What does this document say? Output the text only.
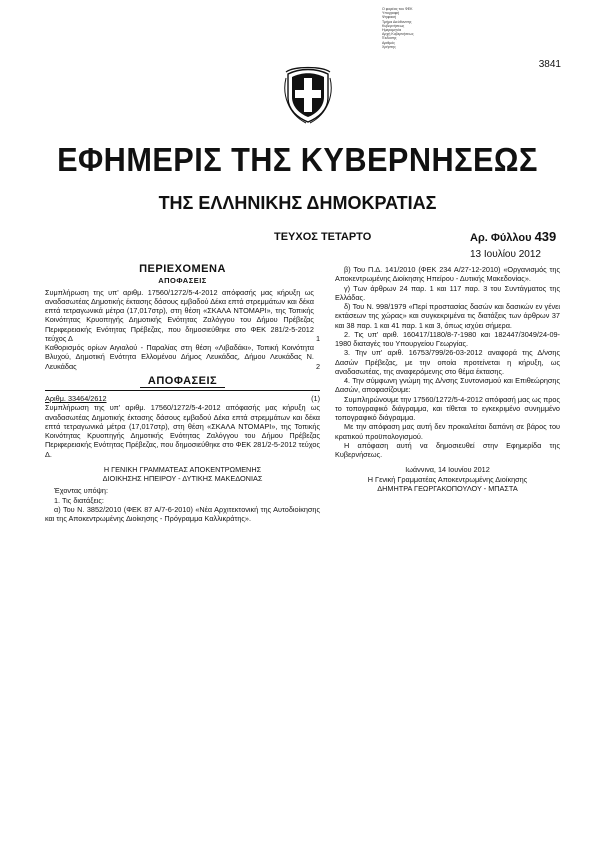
Ο φορέας του ΦΕΚ
Υπογραφή
Ψηφιακή
Τμήμα Διεύθυνσης
Κυβερνήσεως
Ημερομηνία
Αρχή Κυβερνήσεως
Έκδοσης
Αριθμός
Χρήστης
3841
ΕΦΗΜΕΡΙΣ ΤΗΣ ΚΥΒΕΡΝΗΣΕΩΣ
ΤΗΣ ΕΛΛΗΝΙΚΗΣ ΔΗΜΟΚΡΑΤΙΑΣ
ΤΕΥΧΟΣ ΤΕΤΑΡΤΟ	Αρ. Φύλλου 439
13 Ιουλίου 2012
ΠΕΡΙΕΧΟΜΕΝΑ
ΑΠΟΦΑΣΕΙΣ
Συμπλήρωση της υπ' αριθμ. 17560/1272/5-4-2012 απόφασής μας κήρυξη ως αναδασωτέας Δημοτικής έκτασης δάσους εμβαδού Δέκα επτά στρεμμάτων και δέκα επτά τετραγωνικά μέτρα (17,017στρ), στη θέση «ΣΚΑΛΑ ΝΤΟΜΑΡΙ», της Τοπικής Κοινότητας Κρυοπηγής Δημοτικής Ενότητας Ζαλόγγου του Δήμου Πρέβεζας Περιφερειακής Ενότητας Πρέβεζας, που δημοσιεύθηκε στο ΦΕΚ 281/2-5-2012 τεύχος Δ	1
Καθορισμός ορίων Αιγιαλού - Παραλίας στη θέση «Λιβαδάκι», Τοπική Κοινότητα Βλυχού, Δημοτική Ενότητα Ελλομένου Δήμος Λευκάδας, Δήμου Λευκάδας Ν. Λευκάδας	2
ΑΠΟΦΑΣΕΙΣ
Αριθμ. 33464/2612	(1)

Συμπλήρωση της υπ' αριθμ. 17560/1272/5-4-2012 απόφασής μας κήρυξη ως αναδασωτέας Δημοτικής έκτασης δάσους εμβαδού Δέκα επτά στρεμμάτων και δέκα επτά τετραγωνικά μέτρα (17,017στρ), στη θέση «ΣΚΑΛΑ ΝΤΟΜΑΡΙ», της Τοπικής Κοινότητας Κρυοπηγής Δημοτικής Ενότητας Ζαλόγγου του Δήμου Πρέβεζας Περιφερειακής Ενότητας Πρέβεζας, που δημοσιεύθηκε στο ΦΕΚ 281/2-5-2012 τεύχος Δ.

Η ΓΕΝΙΚΗ ΓΡΑΜΜΑΤΕΑΣ ΑΠΟΚΕΝΤΡΩΜΕΝΗΣ

ΔΙΟΙΚΗΣΗΣ ΗΠΕΙΡΟΥ - ΔΥΤΙΚΗΣ ΜΑΚΕΔΟΝΙΑΣ

Έχοντας υπόψη:

1. Τις διατάξεις:

α) Του Ν. 3852/2010 (ΦΕΚ 87 Α/7-6-2010) «Νέα Αρχιτεκτονική της Αυτοδιοίκησης και της Αποκεντρωμένης Διοίκησης - Πρόγραμμα Καλλικράτης».

β) Του Π.Δ. 141/2010 (ΦΕΚ 234 Α/27-12-2010) «Οργανισμός της Αποκεντρωμένης Διοίκησης Ηπείρου - Δυτικής Μακεδονίας».

γ) Των άρθρων 24 παρ. 1 και 117 παρ. 3 του Συντάγματος της Ελλάδας.

δ) Του Ν. 998/1979 «Περί προστασίας δασών και δασικών εν γένει εκτάσεων της χώρας» και συγκεκριμένα τις διατάξεις των άρθρων 37 και 38 παρ. 1 και 41 παρ. 1 και 3, όπως ισχύει σήμερα.

2. Τις υπ' αριθ. 160417/1180/8-7-1980 και 182447/3049/24-09-1980 διαταγές του Υπουργείου Γεωργίας.

3. Την υπ' αριθ. 16753/799/26-03-2012 αναφορά της Δ/νσης Δασών Πρέβεζας, με την οποία προτείνεται η κήρυξη, ως αναδασωτέας, της αναφερόμενης στο θέμα έκτασης.

4. Την σύμφωνη γνώμη της Δ/νσης Συντονισμού και Επιθεώρησης Δασών, αποφασίζουμε:

Συμπληρώνουμε την 17560/1272/5-4-2012 απόφασή μας ως προς το τοπογραφικό διάγραμμα, και τίθεται το εγκεκριμένο συνημμένο τοπογραφικό διάγραμμα.

Με την απόφαση μας αυτή δεν προκαλείται δαπάνη σε βάρος του κρατικού προϋπολογισμού.

Η απόφαση αυτή να δημοσιευθεί στην Εφημερίδα της Κυβερνήσεως.

Ιωάννινα, 14 Ιουνίου 2012

Η Γενική Γραμματέας Αποκεντρωμένης Διοίκησης

ΔΗΜΗΤΡΑ ΓΕΩΡΓΑΚΟΠΟΥΛΟΥ - ΜΠΑΣΤΑ
